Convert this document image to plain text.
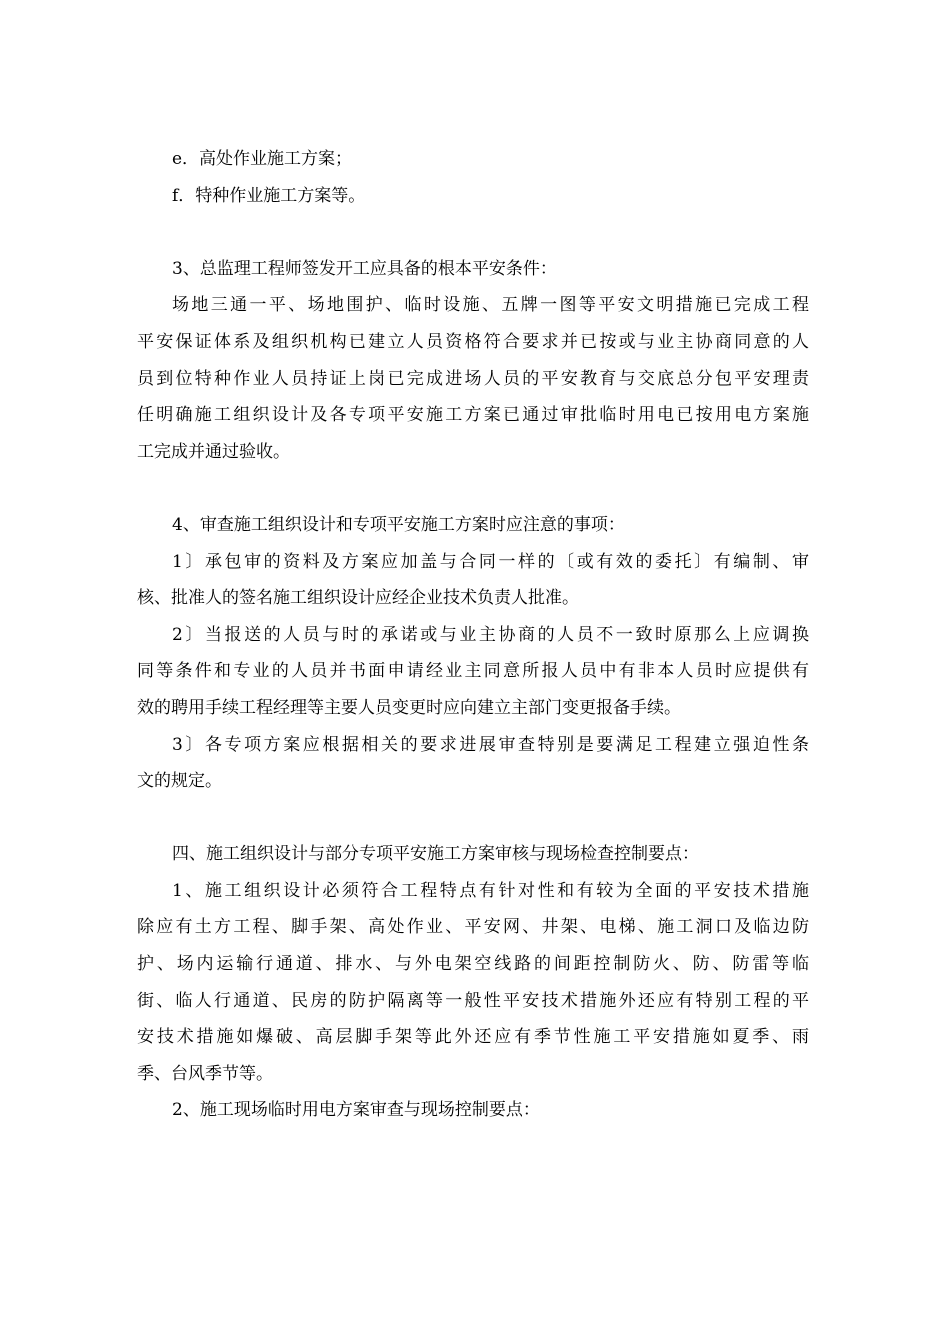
e．高处作业施工方案；

f．特种作业施工方案等。

3、总监理工程师签发开工应具备的根本平安条件：

场地三通一平、场地围护、临时设施、五牌一图等平安文明措施已完成工程

平安保证体系及组织机构已建立人员资格符合要求并已按或与业主协商同意的人

员到位特种作业人员持证上岗已完成进场人员的平安教育与交底总分包平安理责

任明确施工组织设计及各专项平安施工方案已通过审批临时用电已按用电方案施

工完成并通过验收。

4、审查施工组织设计和专项平安施工方案时应注意的事项：

1〕承包审的资料及方案应加盖与合同一样的〔或有效的委托〕有编制、审

核、批准人的签名施工组织设计应经企业技术负责人批准。

2〕当报送的人员与时的承诺或与业主协商的人员不一致时原那么上应调换

同等条件和专业的人员并书面申请经业主同意所报人员中有非本人员时应提供有

效的聘用手续工程经理等主要人员变更时应向建立主部门变更报备手续。

3〕各专项方案应根据相关的要求进展审查特别是要满足工程建立强迫性条

文的规定。

四、施工组织设计与部分专项平安施工方案审核与现场检查控制要点：

1、施工组织设计必须符合工程特点有针对性和有较为全面的平安技术措施

除应有土方工程、脚手架、高处作业、平安网、井架、电梯、施工洞口及临边防

护、场内运输行通道、排水、与外电架空线路的间距控制防火、防、防雷等临

街、临人行通道、民房的防护隔离等一般性平安技术措施外还应有特别工程的平

安技术措施如爆破、高层脚手架等此外还应有季节性施工平安措施如夏季、雨

季、台风季节等。

2、施工现场临时用电方案审查与现场控制要点：
